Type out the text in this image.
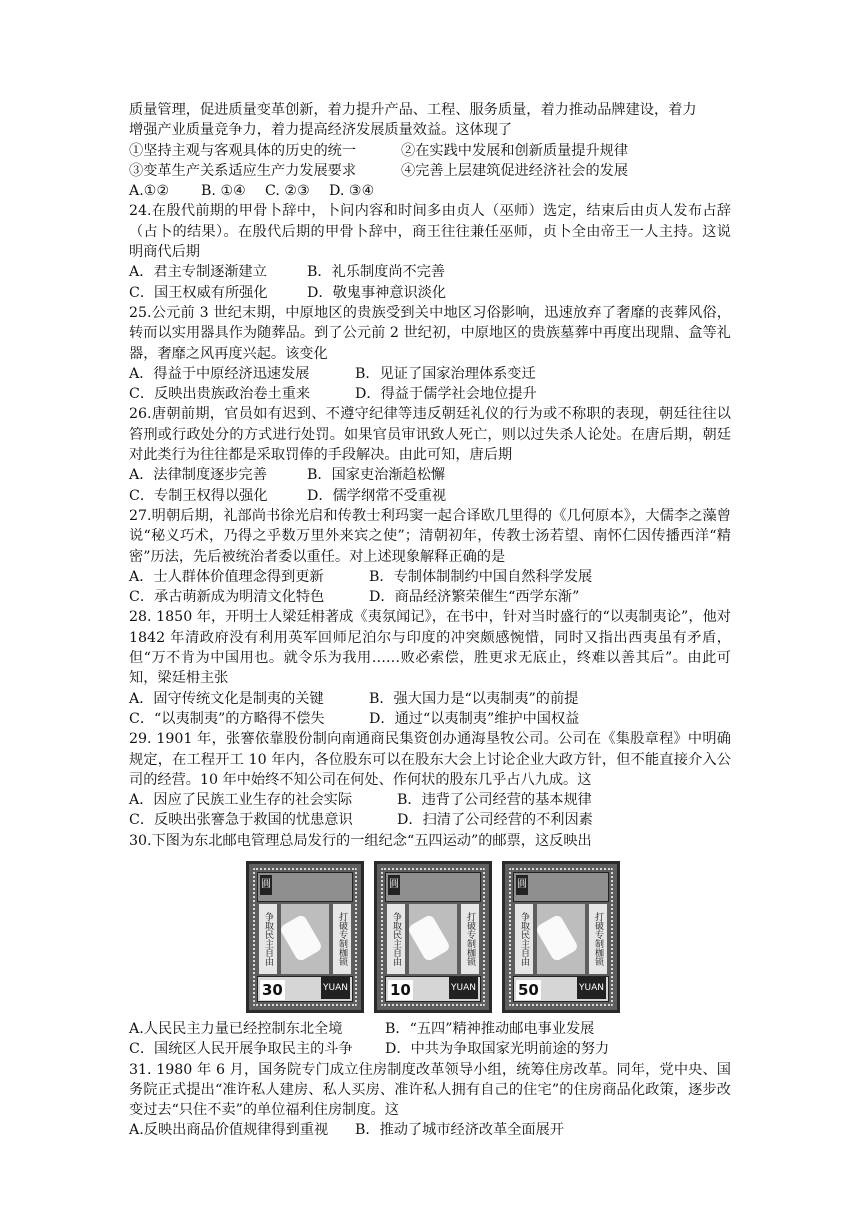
质量管理，促进质量变革创新，着力提升产品、工程、服务质量，着力推动品牌建设，着力
增强产业质量竞争力，着力提高经济发展质量效益。这体现了
①坚持主观与客观具体的历史的统一	②在实践中发展和创新质量提升规律
③变革生产关系适应生产力发展要求	④完善上层建筑促进经济社会的发展
A.①②	B. ①④	C. ②③	D. ③④

24.在殷代前期的甲骨卜辞中，卜问内容和时间多由贞人（巫师）选定，结束后由贞人发布占辞（占卜的结果）。在殷代后期的甲骨卜辞中，商王往往兼任巫师，贞卜全由帝王一人主持。这说明商代后期

A．君主专制逐渐建立	B．礼乐制度尚不完善
C．国王权威有所强化	D．敬鬼事神意识淡化

25.公元前 3 世纪末期，中原地区的贵族受到关中地区习俗影响，迅速放弃了奢靡的丧葬风俗，转而以实用器具作为随葬品。到了公元前 2 世纪初，中原地区的贵族墓葬中再度出现鼎、盒等礼器，奢靡之风再度兴起。该变化

A．得益于中原经济迅速发展	B．见证了国家治理体系变迁
C．反映出贵族政治卷土重来	D．得益于儒学社会地位提升

26.唐朝前期，官员如有迟到、不遵守纪律等违反朝廷礼仪的行为或不称职的表现，朝廷往往以笞刑或行政处分的方式进行处罚。如果官员审讯致人死亡，则以过失杀人论处。在唐后期，朝廷对此类行为往往都是采取罚俸的手段解决。由此可知，唐后期

A．法律制度逐步完善	B．国家吏治渐趋松懈
C．专制王权得以强化	D．儒学纲常不受重视

27.明朝后期，礼部尚书徐光启和传教士利玛窦一起合译欧几里得的《几何原本》，大儒李之藻曾说“秘义巧术，乃得之乎数万里外来宾之使”；清朝初年，传教士汤若望、南怀仁因传播西洋“精密”历法，先后被统治者委以重任。对上述现象解释正确的是

A．士人群体价值理念得到更新	B．专制体制制约中国自然科学发展
C．承古萌新成为明清文化特色	D．商品经济繁荣催生“西学东渐”

28. 1850 年，开明士人梁廷枏著成《夷氛闻记》，在书中，针对当时盛行的“以夷制夷论”，他对 1842 年清政府没有利用英军回师尼泊尔与印度的冲突颇感惋惜，同时又指出西夷虽有矛盾，但“万不肯为中国用也。就令乐为我用……败必索偿，胜更求无底止，终难以善其后”。由此可知，梁廷枏主张

A．固守传统文化是制夷的关键	B．强大国力是“以夷制夷”的前提
C．“以夷制夷”的方略得不偿失	D．通过“以夷制夷”维护中国权益

29. 1901 年，张謇依靠股份制向南通商民集资创办通海垦牧公司。公司在《集股章程》中明确规定，在工程开工 10 年内，各位股东可以在股东大会上讨论企业大政方针，但不能直接介入公司的经营。10 年中始终不知公司在何处、作何状的股东几乎占八九成。这

A．因应了民族工业生存的社会实际	B．违背了公司经营的基本规律
C．反映出张謇急于救国的忧患意识	D．扫清了公司经营的不利因素

30.下图为东北邮电管理总局发行的一组纪念“五四运动”的邮票，这反映出

圓
争取民主自由	打破专制枷锁
30	YUAN
圓
争取民主自由	打破专制枷锁
10	YUAN
圓
争取民主自由	打破专制枷锁
50	YUAN
A.人民民主力量已经控制东北全境	B．“五四”精神推动邮电事业发展
C．国统区人民开展争取民主的斗争	D．中共为争取国家光明前途的努力

31. 1980 年 6 月，国务院专门成立住房制度改革领导小组，统筹住房改革。同年，党中央、国务院正式提出“准许私人建房、私人买房、准许私人拥有自己的住宅”的住房商品化政策，逐步改变过去“只住不卖”的单位福利住房制度。这

A.反映出商品价值规律得到重视	B．推动了城市经济改革全面展开
